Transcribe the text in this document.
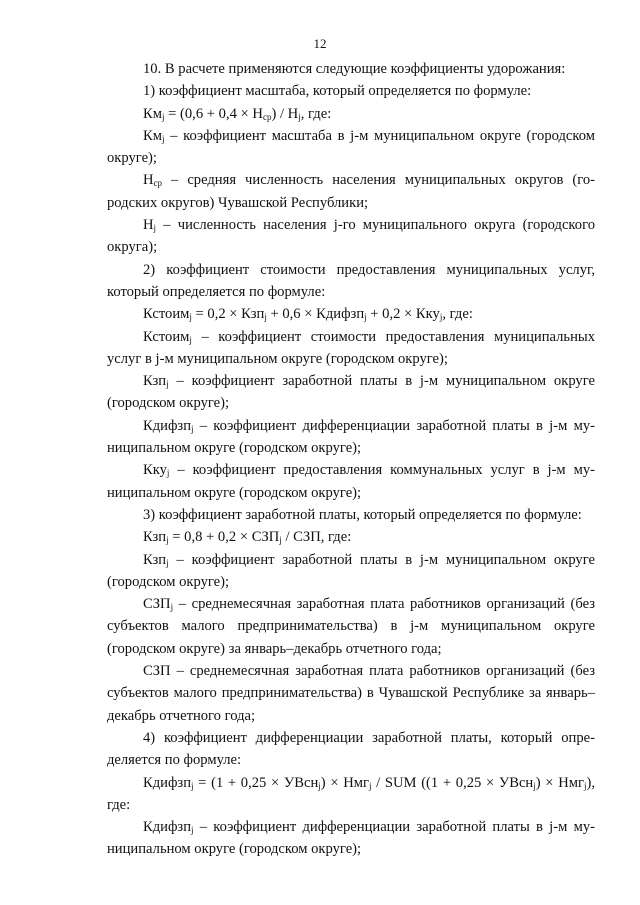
12

10. В расчете применяются следующие коэффициенты удорожания:

1) коэффициент масштаба, который определяется по формуле:

$Км_j = (0,6 + 0,4 \times Н_{ср}) / Н_j$, где:

$Км_j$ – коэффициент масштаба в j-м муниципальном округе (городском округе);

$Н_{ср}$ – средняя численность населения муниципальных округов (городских округов) Чувашской Республики;

$Н_j$ – численность населения j-го муниципального округа (городского округа);

2) коэффициент стоимости предоставления муниципальных услуг, который определяется по формуле:

Кстоим$_j$ = 0,2 × Кзп$_j$ + 0,6 × Кдифзп$_j$ + 0,2 × Кку$_j$, где:

Кстоим$_j$ – коэффициент стоимости предоставления муниципальных услуг в j-м муниципальном округе (городском округе);

Кзп$_j$ – коэффициент заработной платы в j-м муниципальном округе (городском округе);

Кдифзп$_j$ – коэффициент дифференциации заработной платы в j-м муниципальном округе (городском округе);

Кку$_j$ – коэффициент предоставления коммунальных услуг в j-м муниципальном округе (городском округе);

3) коэффициент заработной платы, который определяется по формуле:

$Кзп_j = 0,8 + 0,2 \times СЗП_j$ / СЗП, где:

Кзп$_j$ – коэффициент заработной платы в j-м муниципальном округе (городском округе);

$СЗП_j$ – среднемесячная заработная плата работников организаций (без субъектов малого предпринимательства) в j-м муниципальном округе (городском округе) за январь–декабрь отчетного года;

СЗП – среднемесячная заработная плата работников организаций (без субъектов малого предпринимательства) в Чувашской Республике за январь–декабрь отчетного года;

4) коэффициент дифференциации заработной платы, который определяется по формуле:

Кдифзп$_j$ = (1 + 0,25 × УВсн$_j$) × Нмг$_j$ / SUM ((1 + 0,25 × УВсн$_j$) × Нмг$_j$), где:

Кдифзп$_j$ – коэффициент дифференциации заработной платы в j-м муниципальном округе (городском округе);
